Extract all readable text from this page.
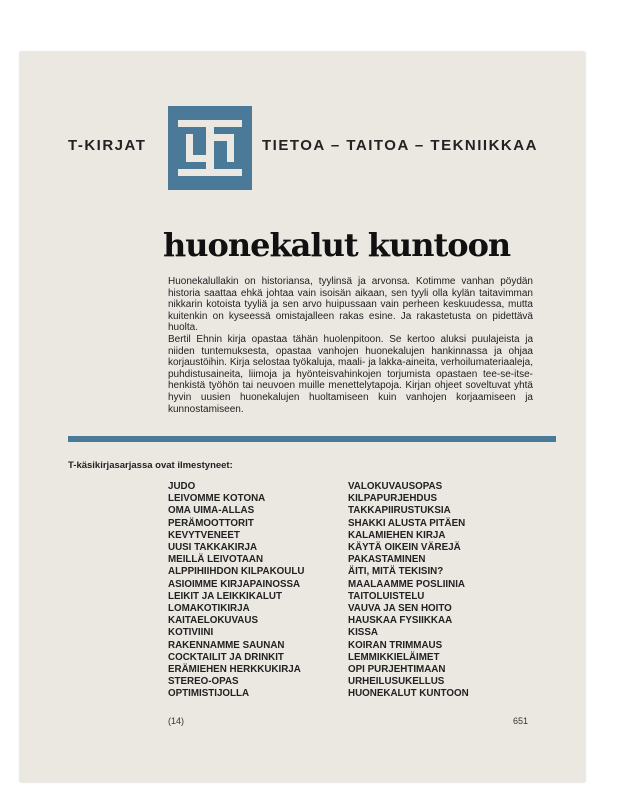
T-KIRJAT	TIETOA – TAITOA – TEKNIIKKAA
huonekalut kuntoon

Huonekalullakin on historiansa, tyylinsä ja arvonsa. Kotimme vanhan pöydän historia saattaa ehkä johtaa vain isoisän aikaan, sen tyyli olla kylän taitavimman nikkarin kotoista tyyliä ja sen arvo huipussaan vain perheen keskuudessa, mutta kuitenkin on kyseessä omistajalleen rakas esine. Ja rakastetusta on pidettävä huolta.

Bertil Ehnin kirja opastaa tähän huolenpitoon. Se kertoo aluksi puulajeista ja niiden tuntemuksesta, opastaa vanhojen huonekalujen hankinnassa ja ohjaa korjaustöihin. Kirja selostaa työkaluja, maali- ja lakka-aineita, verhoilumateriaaleja, puhdistusaineita, liimoja ja hyönteisvahinkojen torjumista opastaen tee-se-itse-henkistä työhön tai neuvoen muille menettelytapoja. Kirjan ohjeet soveltuvat yhtä hyvin uusien huonekalujen huoltamiseen kuin vanhojen korjaamiseen ja kunnostamiseen.

T-käsikirjasarjassa ovat ilmestyneet:
JUDO
LEIVOMME KOTONA
OMA UIMA-ALLAS
PERÄMOOTTORIT
KEVYTVENEET
UUSI TAKKAKIRJA
MEILLÄ LEIVOTAAN
ALPPIHIIHDON KILPAKOULU
ASIOIMME KIRJAPAINOSSA
LEIKIT JA LEIKKIKALUT
LOMAKOTIKIRJA
KAITAELOKUVAUS
KOTIVIINI
RAKENNAMME SAUNAN
COCKTAILIT JA DRINKIT
ERÄMIEHEN HERKKUKIRJA
STEREO-OPAS
OPTIMISTIJOLLA
VALOKUVAUSOPAS
KILPAPURJEHDUS
TAKKAPIIRUSTUKSIA
SHAKKI ALUSTA PITÄEN
KALAMIEHEN KIRJA
KÄYTÄ OIKEIN VÄREJÄ
PAKASTAMINEN
ÄITI, MITÄ TEKISIN?
MAALAAMME POSLIINIA
TAITOLUISTELU
VAUVA JA SEN HOITO
HAUSKAA FYSIIKKAA
KISSA
KOIRAN TRIMMAUS
LEMMIKKIELÄIMET
OPI PURJEHTIMAAN
URHEILUSUKELLUS
HUONEKALUT KUNTOON
(14)	651
